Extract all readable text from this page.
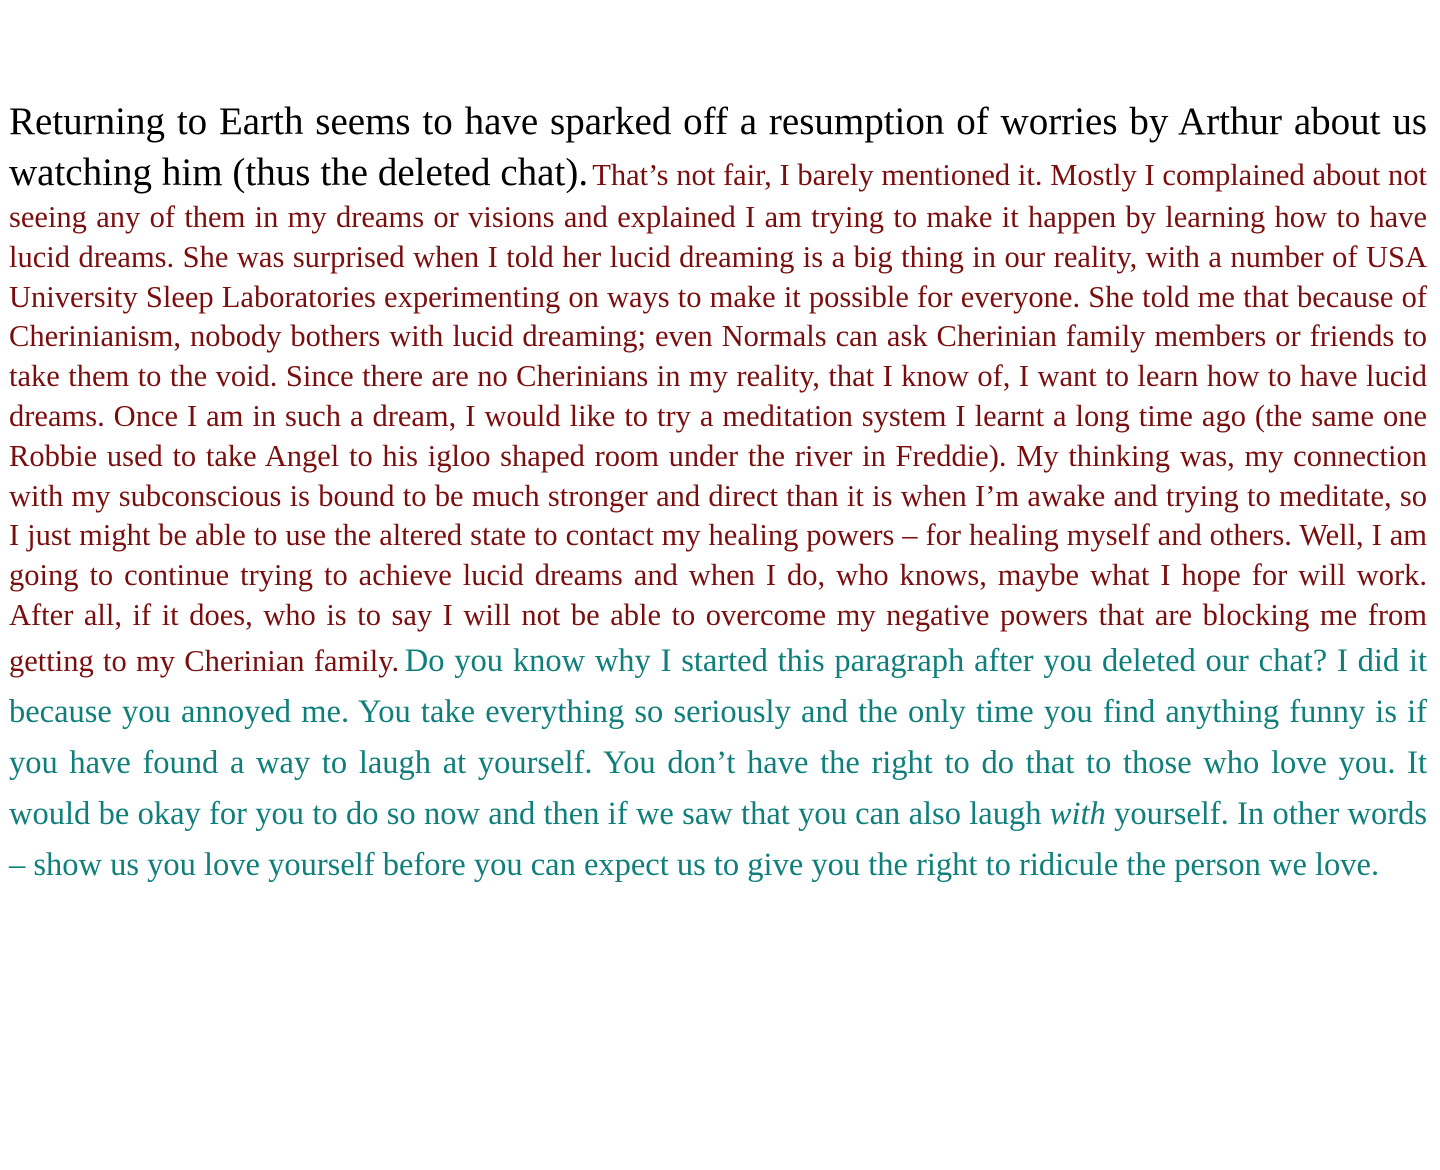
Returning to Earth seems to have sparked off a resumption of worries by Arthur about us watching him (thus the deleted chat). That’s not fair, I barely mentioned it. Mostly I complained about not seeing any of them in my dreams or visions and explained I am trying to make it happen by learning how to have lucid dreams. She was surprised when I told her lucid dreaming is a big thing in our reality, with a number of USA University Sleep Laboratories experimenting on ways to make it possible for everyone. She told me that because of Cherinianism, nobody bothers with lucid dreaming; even Normals can ask Cherinian family members or friends to take them to the void. Since there are no Cherinians in my reality, that I know of, I want to learn how to have lucid dreams. Once I am in such a dream, I would like to try a meditation system I learnt a long time ago (the same one Robbie used to take Angel to his igloo shaped room under the river in Freddie). My thinking was, my connection with my subconscious is bound to be much stronger and direct than it is when I’m awake and trying to meditate, so I just might be able to use the altered state to contact my healing powers – for healing myself and others. Well, I am going to continue trying to achieve lucid dreams and when I do, who knows, maybe what I hope for will work. After all, if it does, who is to say I will not be able to overcome my negative powers that are blocking me from getting to my Cherinian family. Do you know why I started this paragraph after you deleted our chat? I did it because you annoyed me. You take everything so seriously and the only time you find anything funny is if you have found a way to laugh at yourself. You don’t have the right to do that to those who love you. It would be okay for you to do so now and then if we saw that you can also laugh with yourself. In other words – show us you love yourself before you can expect us to give you the right to ridicule the person we love.
